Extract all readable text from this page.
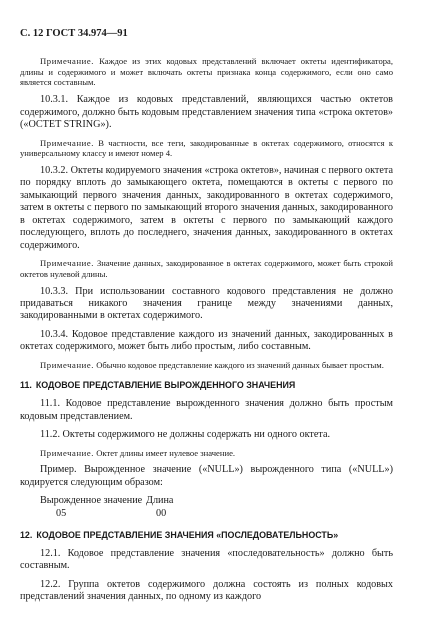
С. 12 ГОСТ 34.974—91

Примечание. Каждое из этих кодовых представлений включает октеты идентификатора, длины и содержимого и может включать октеты признака конца содержимого, если оно само является составным.

10.3.1. Каждое из кодовых представлений, являющихся частью октетов содержимого, должно быть кодовым представлением значения типа «строка октетов» («OCTET STRING»).

Примечание. В частности, все теги, закодированные в октетах содержимого, относятся к универсальному классу и имеют номер 4.

10.3.2. Октеты кодируемого значения «строка октетов», начиная с первого октета по порядку вплоть до замыкающего октета, помещаются в октеты с первого по замыкающий первого значения данных, закодированного в октетах содержимого, затем в октеты с первого по замыкающий второго значения данных, закодированного в октетах содержимого, затем в октеты с первого по замыкающий каждого последующего, вплоть до последнего, значения данных, закодированного в октетах содержимого.

Примечание. Значение данных, закодированное в октетах содержимого, может быть строкой октетов нулевой длины.

10.3.3. При использовании составного кодового представления не должно придаваться никакого значения границе между значениями данных, закодированными в октетах содержимого.

10.3.4. Кодовое представление каждого из значений данных, закодированных в октетах содержимого, может быть либо простым, либо составным.

Примечание. Обычно кодовое представление каждого из значений данных бывает простым.

11. КОДОВОЕ ПРЕДСТАВЛЕНИЕ ВЫРОЖДЕННОГО ЗНАЧЕНИЯ

11.1. Кодовое представление вырожденного значения должно быть простым кодовым представлением.

11.2. Октеты содержимого не должны содержать ни одного октета.

Примечание. Октет длины имеет нулевое значение.

Пример. Вырожденное значение («NULL») вырожденного типа («NULL») кодируется следующим образом:

Вырожденное значение Длина
05	00
12. КОДОВОЕ ПРЕДСТАВЛЕНИЕ ЗНАЧЕНИЯ «ПОСЛЕДОВАТЕЛЬНОСТЬ»

12.1. Кодовое представление значения «последовательность» должно быть составным.

12.2. Группа октетов содержимого должна состоять из полных кодовых представлений значения данных, по одному из каждого
